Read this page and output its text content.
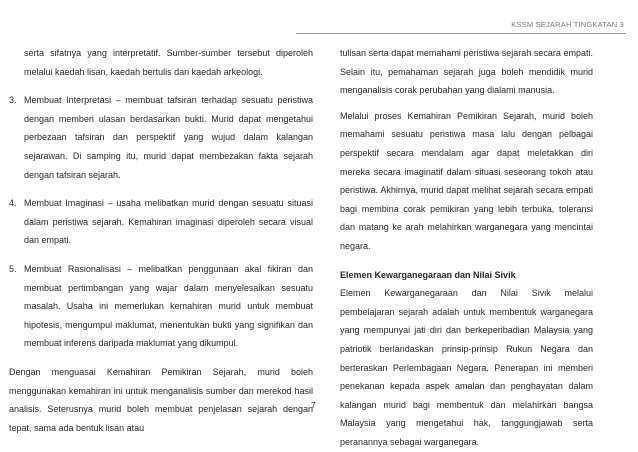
KSSM SEJARAH TINGKATAN 3

serta sifatnya yang interpretatif. Sumber-sumber tersebut diperoleh melalui kaedah lisan, kaedah bertulis dan kaedah arkeologi.

3. Membuat Interpretasi – membuat tafsiran terhadap sesuatu peristiwa dengan memberi ulasan berdasarkan bukti. Murid dapat mengetahui perbezaan tafsiran dan perspektif yang wujud dalam kalangan sejarawan. Di samping itu, murid dapat membezakan fakta sejarah dengan tafsiran sejarah.
4. Membuat Imaginasi – usaha melibatkan murid dengan sesuatu situasi dalam peristiwa sejarah. Kemahiran imaginasi diperoleh secara visual dan empati.
5. Membuat Rasionalisasi – melibatkan penggunaan akal fikiran dan membuat pertimbangan yang wajar dalam menyelesaikan sesuatu masalah. Usaha ini memerlukan kemahiran murid untuk membuat hipotesis, mengumpul maklumat, menentukan bukti yang signifikan dan membuat inferens daripada maklumat yang dikumpul.

Dengan menguasai Kemahiran Pemikiran Sejarah, murid boleh menggunakan kemahiran ini untuk menganalisis sumber dan merekod hasil analisis. Seterusnya murid boleh membuat penjelasan sejarah dengan tepat, sama ada bentuk lisan atau

tulisan serta dapat memahami peristiwa sejarah secara empati. Selain itu, pemahaman sejarah juga boleh mendidik murid menganalisis corak perubahan yang dialami manusia.

Melalui proses Kemahiran Pemikiran Sejarah, murid boleh memahami sesuatu peristiwa masa lalu dengan pelbagai perspektif secara mendalam agar dapat meletakkan diri mereka secara imaginatif dalam situasi seseorang tokoh atau peristiwa. Akhirnya, murid dapat melihat sejarah secara empati bagi membina corak pemikiran yang lebih terbuka, toleransi dan matang ke arah melahirkan warganegara yang mencintai negara.

Elemen Kewarganegaraan dan Nilai Sivik

Elemen Kewarganegaraan dan Nilai Sivik melalui pembelajaran sejarah adalah untuk membentuk warganegara yang mempunyai jati diri dan berkeperibadian Malaysia yang patriotik berlandaskan prinsip-prinsip Rukun Negara dan berteraskan Perlembagaan Negara. Penerapan ini memberi penekanan kepada aspek amalan dan penghayatan dalam kalangan murid bagi membentuk dan melahirkan bangsa Malaysia yang mengetahui hak, tanggungjawab serta peranannya sebagai warganegara.

7
